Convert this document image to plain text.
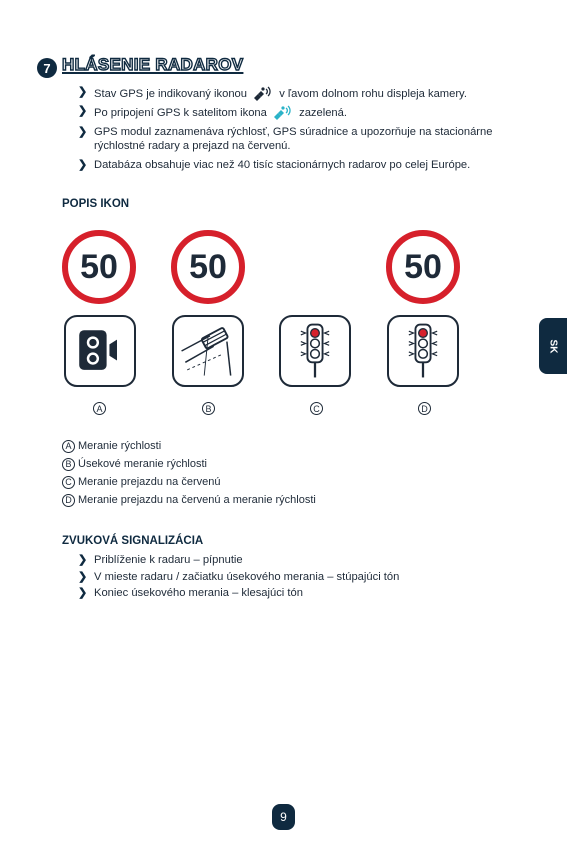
7 HLÁSENIE RADAROV
❯ Stav GPS je indikovaný ikonou	v ľavom dolnom rohu displeja kamery.
❯ Po pripojení GPS k satelitom ikona	zazelená.
❯ GPS modul zaznamenáva rýchlosť, GPS súradnice a upozorňuje na stacionárne rýchlostné radary a prejazd na červenú.
❯ Databáza obsahuje viac než 40 tisíc stacionárnych radarov po celej Európe.
POPIS IKON
50 50	50
A	B	C	D
A Meranie rýchlosti
B Úsekové meranie rýchlosti
C Meranie prejazdu na červenú
D Meranie prejazdu na červenú a meranie rýchlosti
ZVUKOVÁ SIGNALIZÁCIA
❯ Priblíženie k radaru – pípnutie
❯ V mieste radaru / začiatku úsekového merania – stúpajúci tón
❯ Koniec úsekového merania – klesajúci tón
SK
9
